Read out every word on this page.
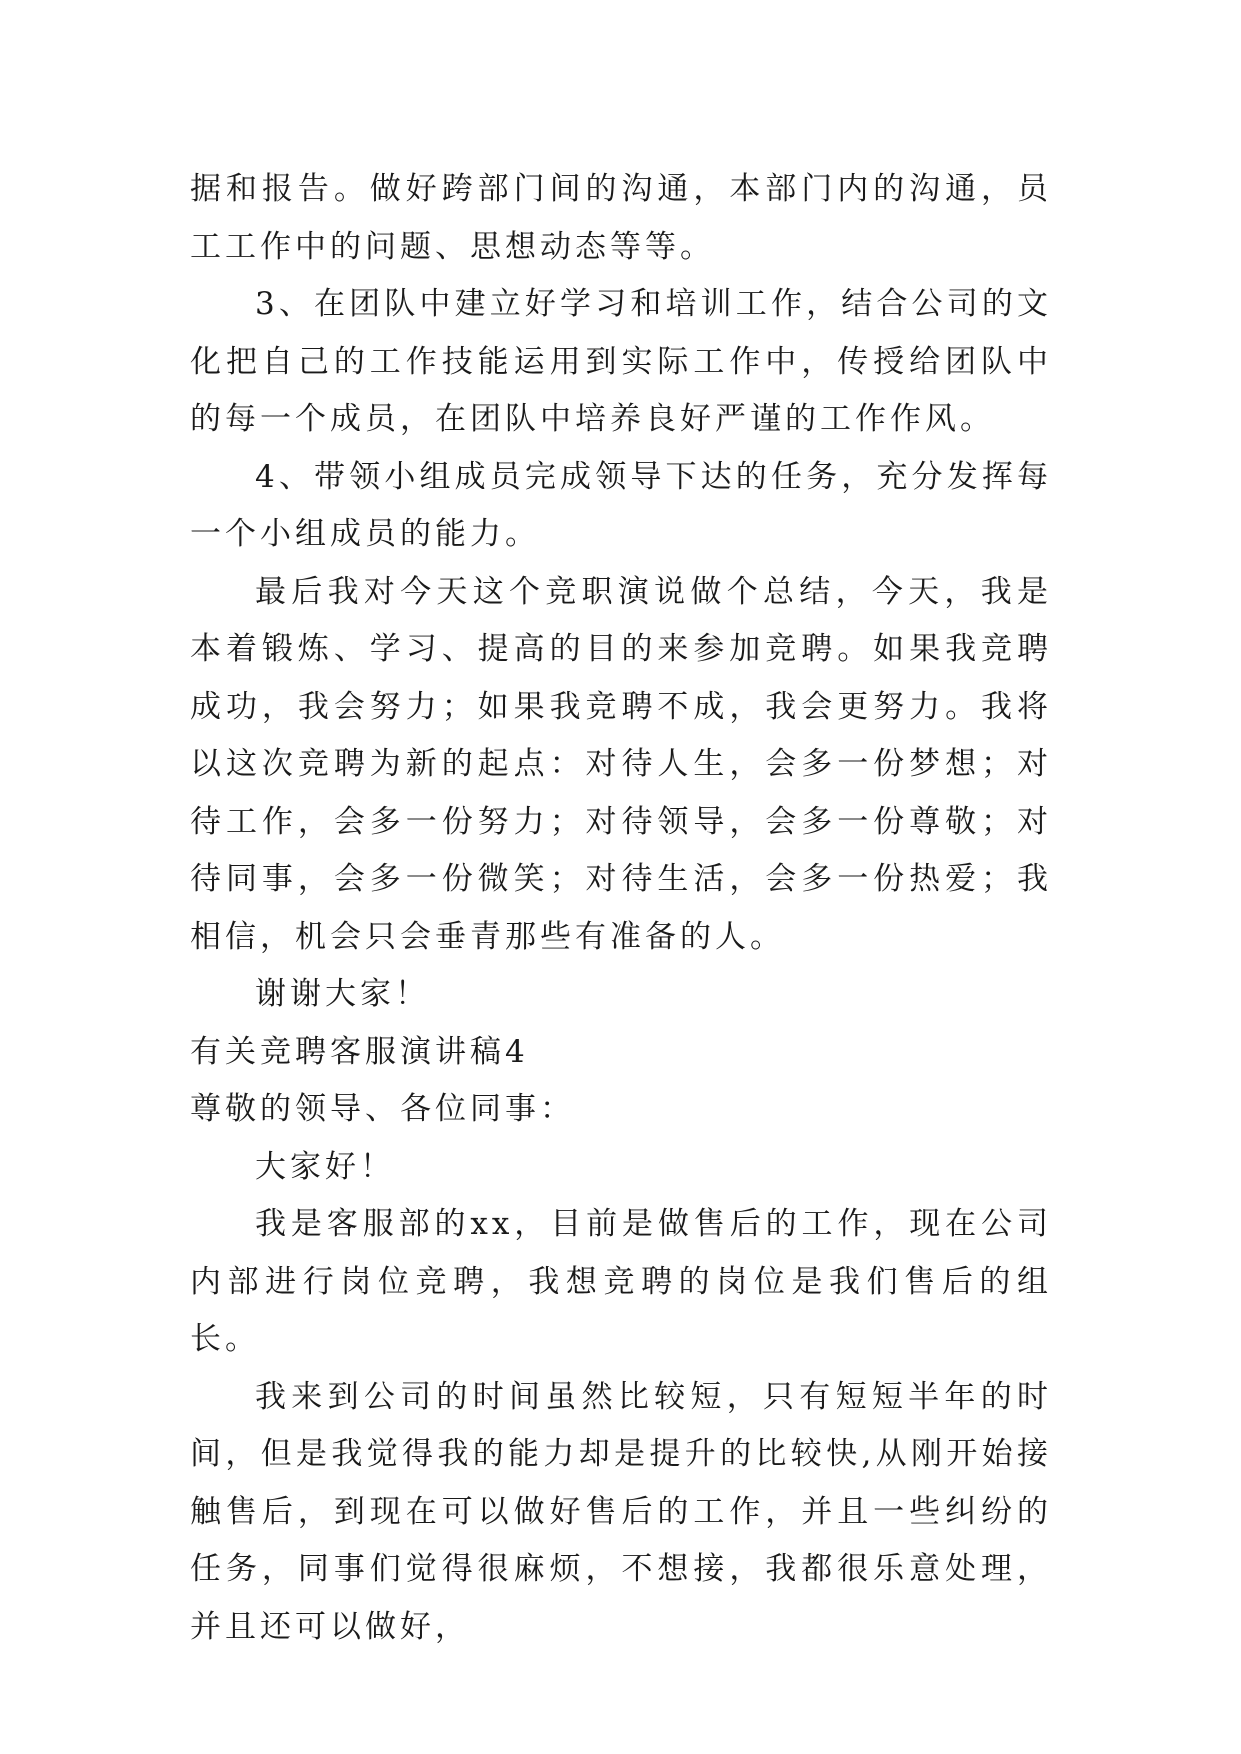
据和报告。做好跨部门间的沟通，本部门内的沟通，员工工作中的问题、思想动态等等。

3、在团队中建立好学习和培训工作，结合公司的文化把自己的工作技能运用到实际工作中，传授给团队中的每一个成员，在团队中培养良好严谨的工作作风。

4、带领小组成员完成领导下达的任务，充分发挥每一个小组成员的能力。

最后我对今天这个竞职演说做个总结，今天，我是本着锻炼、学习、提高的目的来参加竞聘。如果我竞聘成功，我会努力；如果我竞聘不成，我会更努力。我将以这次竞聘为新的起点：对待人生，会多一份梦想；对待工作，会多一份努力；对待领导，会多一份尊敬；对待同事，会多一份微笑；对待生活，会多一份热爱；我相信，机会只会垂青那些有准备的人。

谢谢大家！

有关竞聘客服演讲稿4

尊敬的领导、各位同事：

大家好！

我是客服部的xx，目前是做售后的工作，现在公司内部进行岗位竞聘，我想竞聘的岗位是我们售后的组长。

我来到公司的时间虽然比较短，只有短短半年的时间，但是我觉得我的能力却是提升的比较快,从刚开始接触售后，到现在可以做好售后的工作，并且一些纠纷的任务，同事们觉得很麻烦，不想接，我都很乐意处理，并且还可以做好，
